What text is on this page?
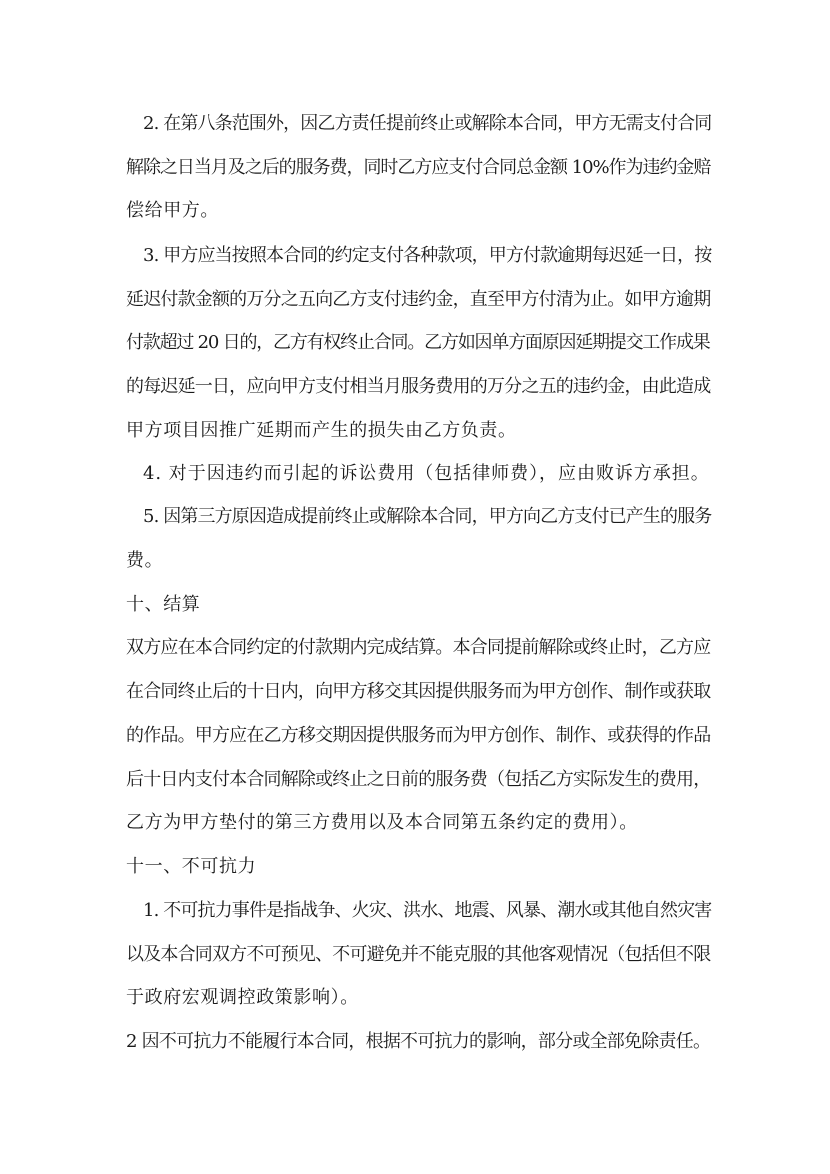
2. 在第八条范围外，因乙方责任提前终止或解除本合同，甲方无需支付合同
解除之日当月及之后的服务费，同时乙方应支付合同总金额 10%作为违约金赔
偿给甲方。
3. 甲方应当按照本合同的约定支付各种款项，甲方付款逾期每迟延一日，按
延迟付款金额的万分之五向乙方支付违约金，直至甲方付清为止。如甲方逾期
付款超过 20 日的，乙方有权终止合同。乙方如因单方面原因延期提交工作成果
的每迟延一日，应向甲方支付相当月服务费用的万分之五的违约金，由此造成
甲方项目因推广延期而产生的损失由乙方负责。
4. 对于因违约而引起的诉讼费用（包括律师费），应由败诉方承担。
5. 因第三方原因造成提前终止或解除本合同，甲方向乙方支付已产生的服务
费。
十、结算
双方应在本合同约定的付款期内完成结算。本合同提前解除或终止时，乙方应
在合同终止后的十日内，向甲方移交其因提供服务而为甲方创作、制作或获取
的作品。甲方应在乙方移交期因提供服务而为甲方创作、制作、或获得的作品
后十日内支付本合同解除或终止之日前的服务费（包括乙方实际发生的费用，
乙方为甲方垫付的第三方费用以及本合同第五条约定的费用）。
十一、不可抗力
1. 不可抗力事件是指战争、火灾、洪水、地震、风暴、潮水或其他自然灾害
以及本合同双方不可预见、不可避免并不能克服的其他客观情况（包括但不限
于政府宏观调控政策影响）。
2 因不可抗力不能履行本合同，根据不可抗力的影响，部分或全部免除责任。
